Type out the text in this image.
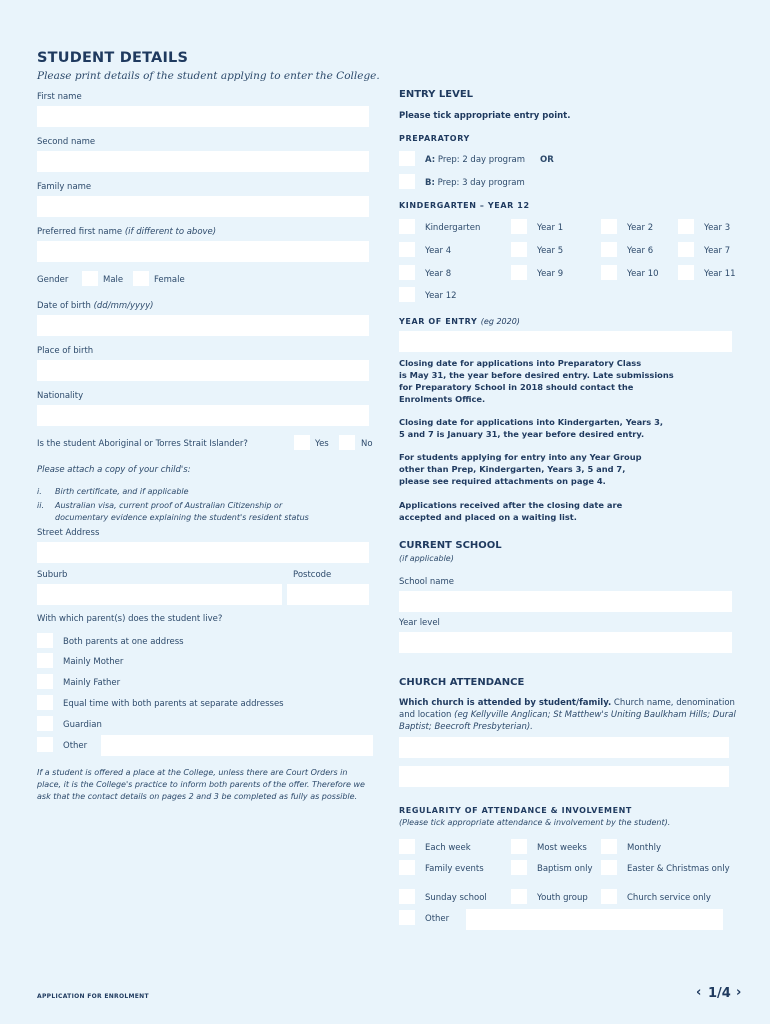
STUDENT DETAILS
Please print details of the student applying to enter the College.
First name
Second name
Family name
Preferred first name (if different to above)
Gender	Male	Female
Date of birth (dd/mm/yyyy)
Place of birth
Nationality
Is the student Aboriginal or Torres Strait Islander?	Yes	No
Please attach a copy of your child's:
i. Birth certificate, and if applicable
ii. Australian visa, current proof of Australian Citizenship or
documentary evidence explaining the student's resident status
Street Address
Suburb	Postcode
With which parent(s) does the student live?
Both parents at one address
Mainly Mother
Mainly Father
Equal time with both parents at separate addresses
Guardian
Other
If a student is offered a place at the College, unless there are Court Orders in
place, it is the College's practice to inform both parents of the offer. Therefore we
ask that the contact details on pages 2 and 3 be completed as fully as possible.
ENTRY LEVEL
Please tick appropriate entry point.
PREPARATORY
A: Prep: 2 day program OR
B: Prep: 3 day program
KINDERGARTEN – YEAR 12
Kindergarten	Year 1	Year 2	Year 3
Year 4	Year 5	Year 6	Year 7
Year 8	Year 9	Year 10	Year 11
Year 12
YEAR OF ENTRY (eg 2020)
Closing date for applications into Preparatory Class
is May 31, the year before desired entry. Late submissions
for Preparatory School in 2018 should contact the
Enrolments Office.
Closing date for applications into Kindergarten, Years 3,
5 and 7 is January 31, the year before desired entry.
For students applying for entry into any Year Group
other than Prep, Kindergarten, Years 3, 5 and 7,
please see required attachments on page 4.
Applications received after the closing date are
accepted and placed on a waiting list.
CURRENT SCHOOL
(if applicable)
School name
Year level
CHURCH ATTENDANCE
Which church is attended by student/family. Church name, denomination
and location (eg Kellyville Anglican; St Matthew's Uniting Baulkham Hills; Dural
Baptist; Beecroft Presbyterian).
REGULARITY OF ATTENDANCE & INVOLVEMENT
(Please tick appropriate attendance & involvement by the student).
Each week	Most weeks	Monthly
Family events	Baptism only	Easter & Christmas only
Sunday school	Youth group	Church service only
Other
APPLICATION FOR ENROLMENT	‹ 1/4 ›
